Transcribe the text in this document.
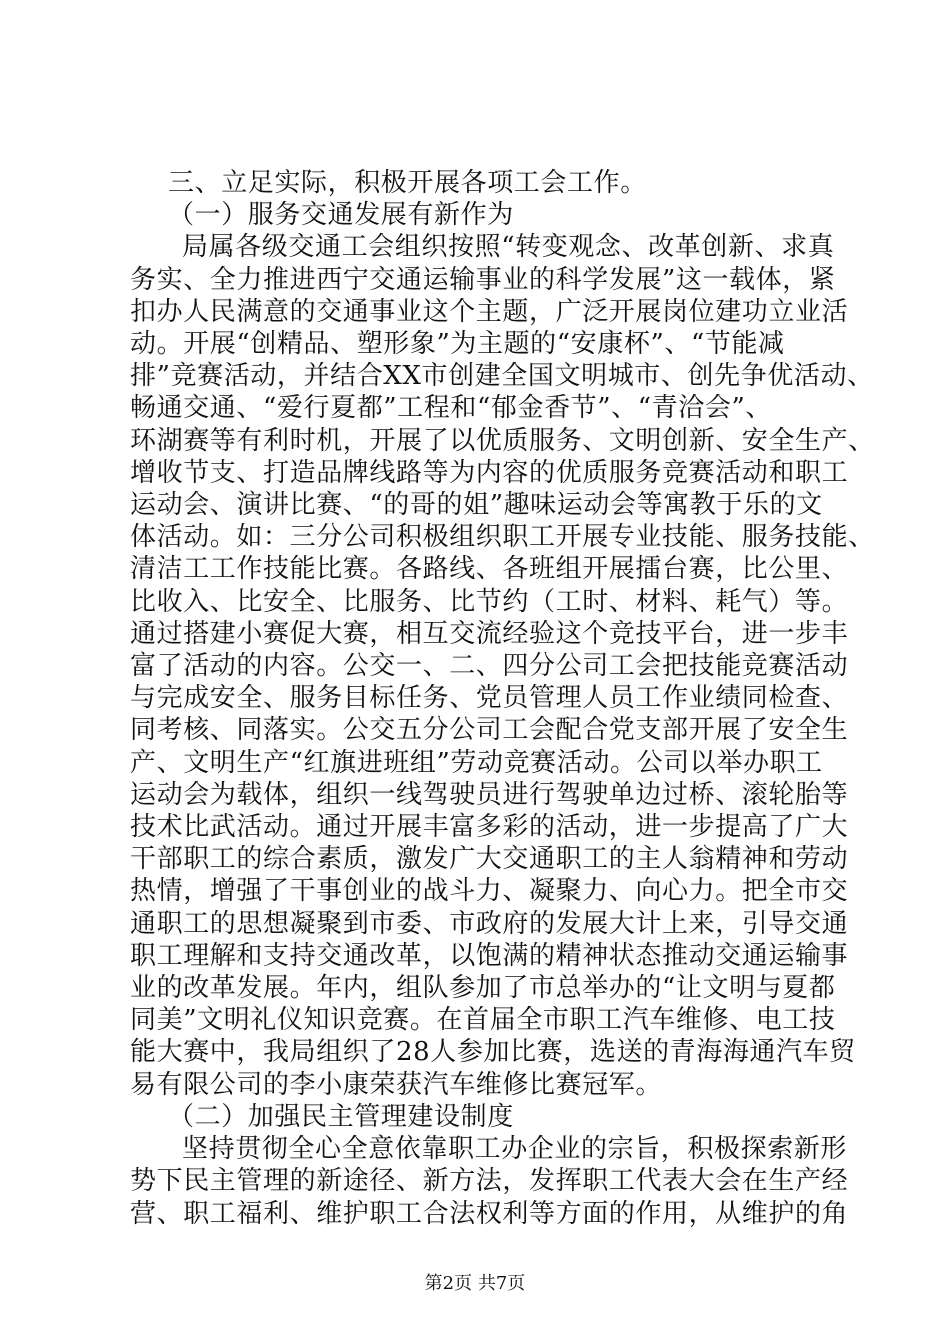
三、立足实际，积极开展各项工会工作。
（一）服务交通发展有新作为
局属各级交通工会组织按照“转变观念、改革创新、求真
务实、全力推进西宁交通运输事业的科学发展”这一载体，紧
扣办人民满意的交通事业这个主题，广泛开展岗位建功立业活
动。开展“创精品、塑形象”为主题的“安康杯”、“节能减
排”竞赛活动，并结合XX市创建全国文明城市、创先争优活动、
畅通交通、“爱行夏都”工程和“郁金香节”、“青洽会”、
环湖赛等有利时机，开展了以优质服务、文明创新、安全生产、
增收节支、打造品牌线路等为内容的优质服务竞赛活动和职工
运动会、演讲比赛、“的哥的姐”趣味运动会等寓教于乐的文
体活动。如：三分公司积极组织职工开展专业技能、服务技能、
清洁工工作技能比赛。各路线、各班组开展擂台赛，比公里、
比收入、比安全、比服务、比节约（工时、材料、耗气）等。
通过搭建小赛促大赛，相互交流经验这个竞技平台，进一步丰
富了活动的内容。公交一、二、四分公司工会把技能竞赛活动
与完成安全、服务目标任务、党员管理人员工作业绩同检查、
同考核、同落实。公交五分公司工会配合党支部开展了安全生
产、文明生产“红旗进班组”劳动竞赛活动。公司以举办职工
运动会为载体，组织一线驾驶员进行驾驶单边过桥、滚轮胎等
技术比武活动。通过开展丰富多彩的活动，进一步提高了广大
干部职工的综合素质，激发广大交通职工的主人翁精神和劳动
热情，增强了干事创业的战斗力、凝聚力、向心力。把全市交
通职工的思想凝聚到市委、市政府的发展大计上来，引导交通
职工理解和支持交通改革，以饱满的精神状态推动交通运输事
业的改革发展。年内，组队参加了市总举办的“让文明与夏都
同美”文明礼仪知识竞赛。在首届全市职工汽车维修、电工技
能大赛中，我局组织了28人参加比赛，选送的青海海通汽车贸
易有限公司的李小康荣获汽车维修比赛冠军。
（二）加强民主管理建设制度
坚持贯彻全心全意依靠职工办企业的宗旨，积极探索新形
势下民主管理的新途径、新方法，发挥职工代表大会在生产经
营、职工福利、维护职工合法权利等方面的作用，从维护的角
第2页 共7页
